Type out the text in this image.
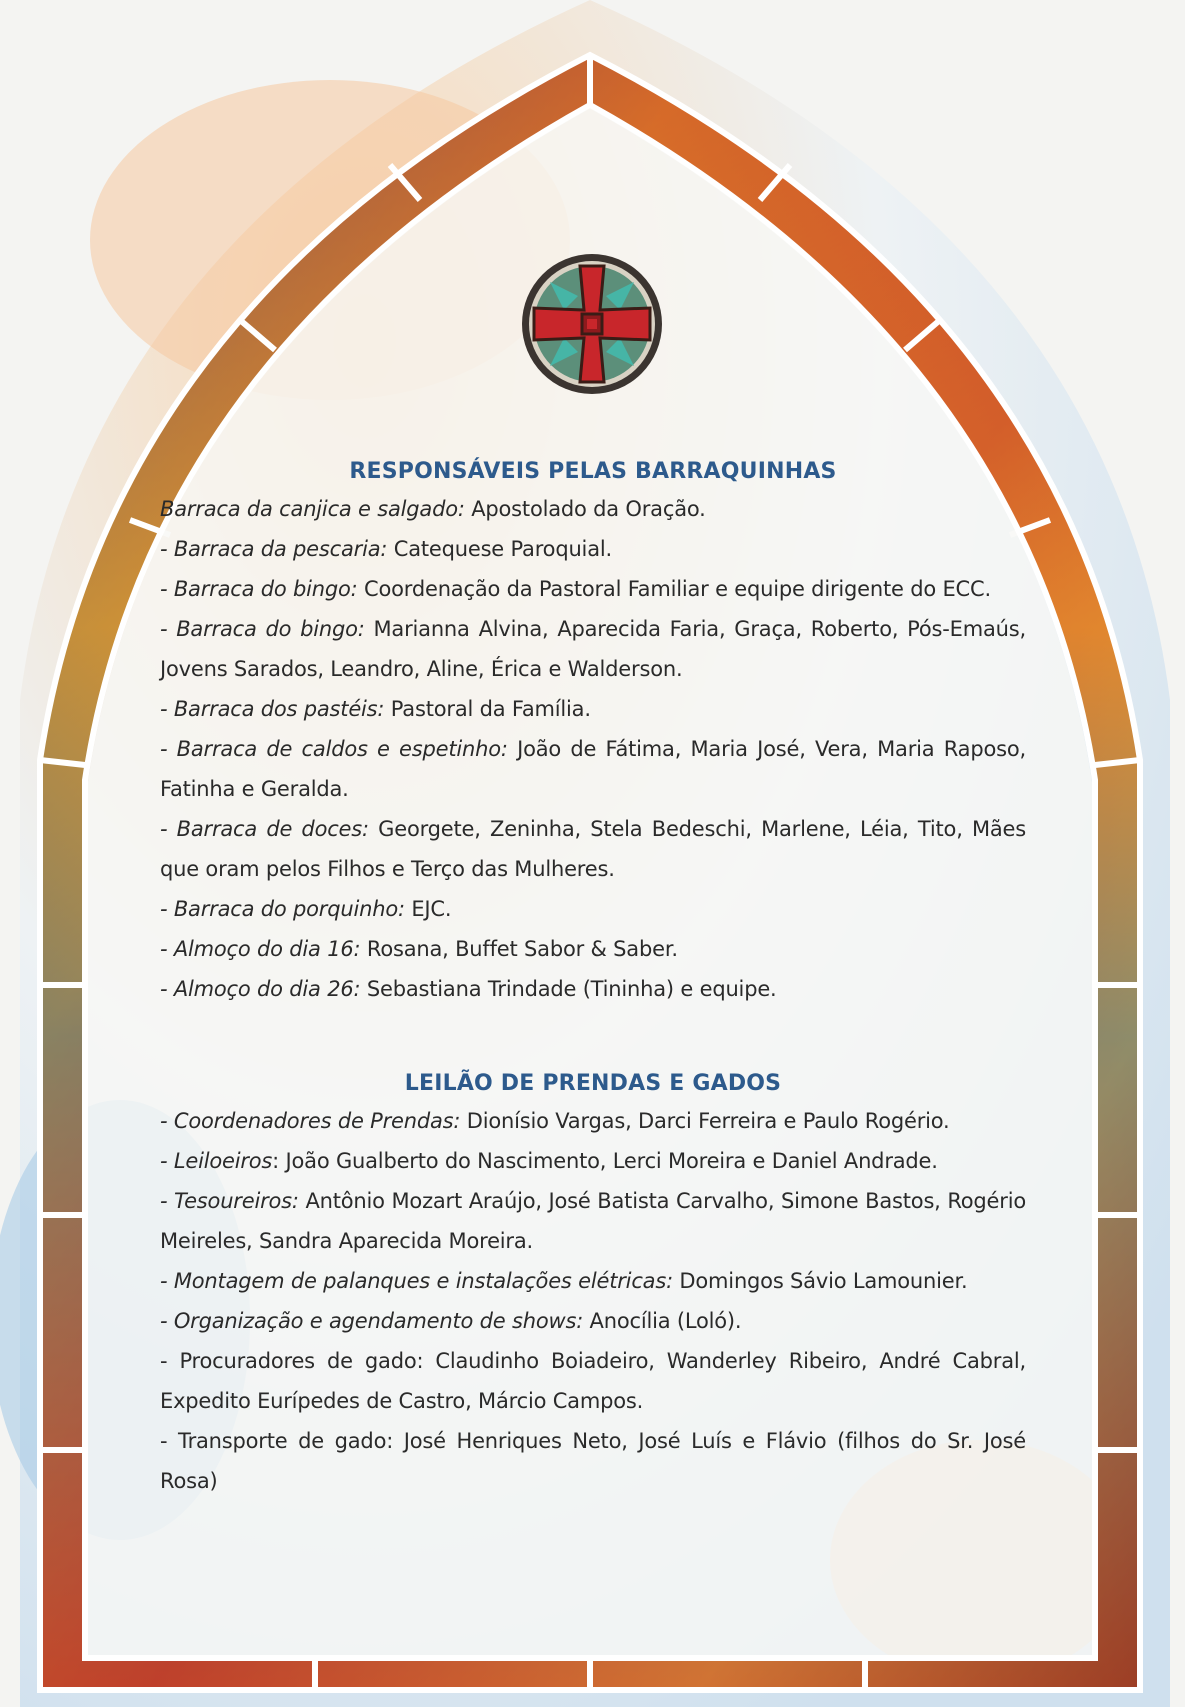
RESPONSÁVEIS PELAS BARRAQUINHAS
Barraca da canjica e salgado: Apostolado da Oração.
- Barraca da pescaria: Catequese Paroquial.
- Barraca do bingo: Coordenação da Pastoral Familiar e equipe dirigente do ECC.
- Barraca do bingo: Marianna Alvina, Aparecida Faria, Graça, Roberto, Pós-Emaús, Jovens Sarados, Leandro, Aline, Érica e Walderson.
- Barraca dos pastéis: Pastoral da Família.
- Barraca de caldos e espetinho: João de Fátima, Maria José, Vera, Maria Raposo, Fatinha e Geralda.
- Barraca de doces: Georgete, Zeninha, Stela Bedeschi, Marlene, Léia, Tito, Mães que oram pelos Filhos e Terço das Mulheres.
- Barraca do porquinho: EJC.
- Almoço do dia 16: Rosana, Buffet Sabor & Saber.
- Almoço do dia 26: Sebastiana Trindade (Tininha) e equipe.
LEILÃO DE PRENDAS E GADOS
- Coordenadores de Prendas: Dionísio Vargas, Darci Ferreira e Paulo Rogério.
- Leiloeiros: João Gualberto do Nascimento, Lerci Moreira e Daniel Andrade.
- Tesoureiros: Antônio Mozart Araújo, José Batista Carvalho, Simone Bastos, Rogério Meireles, Sandra Aparecida Moreira.
- Montagem de palanques e instalações elétricas: Domingos Sávio Lamounier.
- Organização e agendamento de shows: Anocília (Loló).
- Procuradores de gado: Claudinho Boiadeiro, Wanderley Ribeiro, André Cabral, Expedito Eurípedes de Castro, Márcio Campos.
- Transporte de gado: José Henriques Neto, José Luís e Flávio (filhos do Sr. José Rosa)
